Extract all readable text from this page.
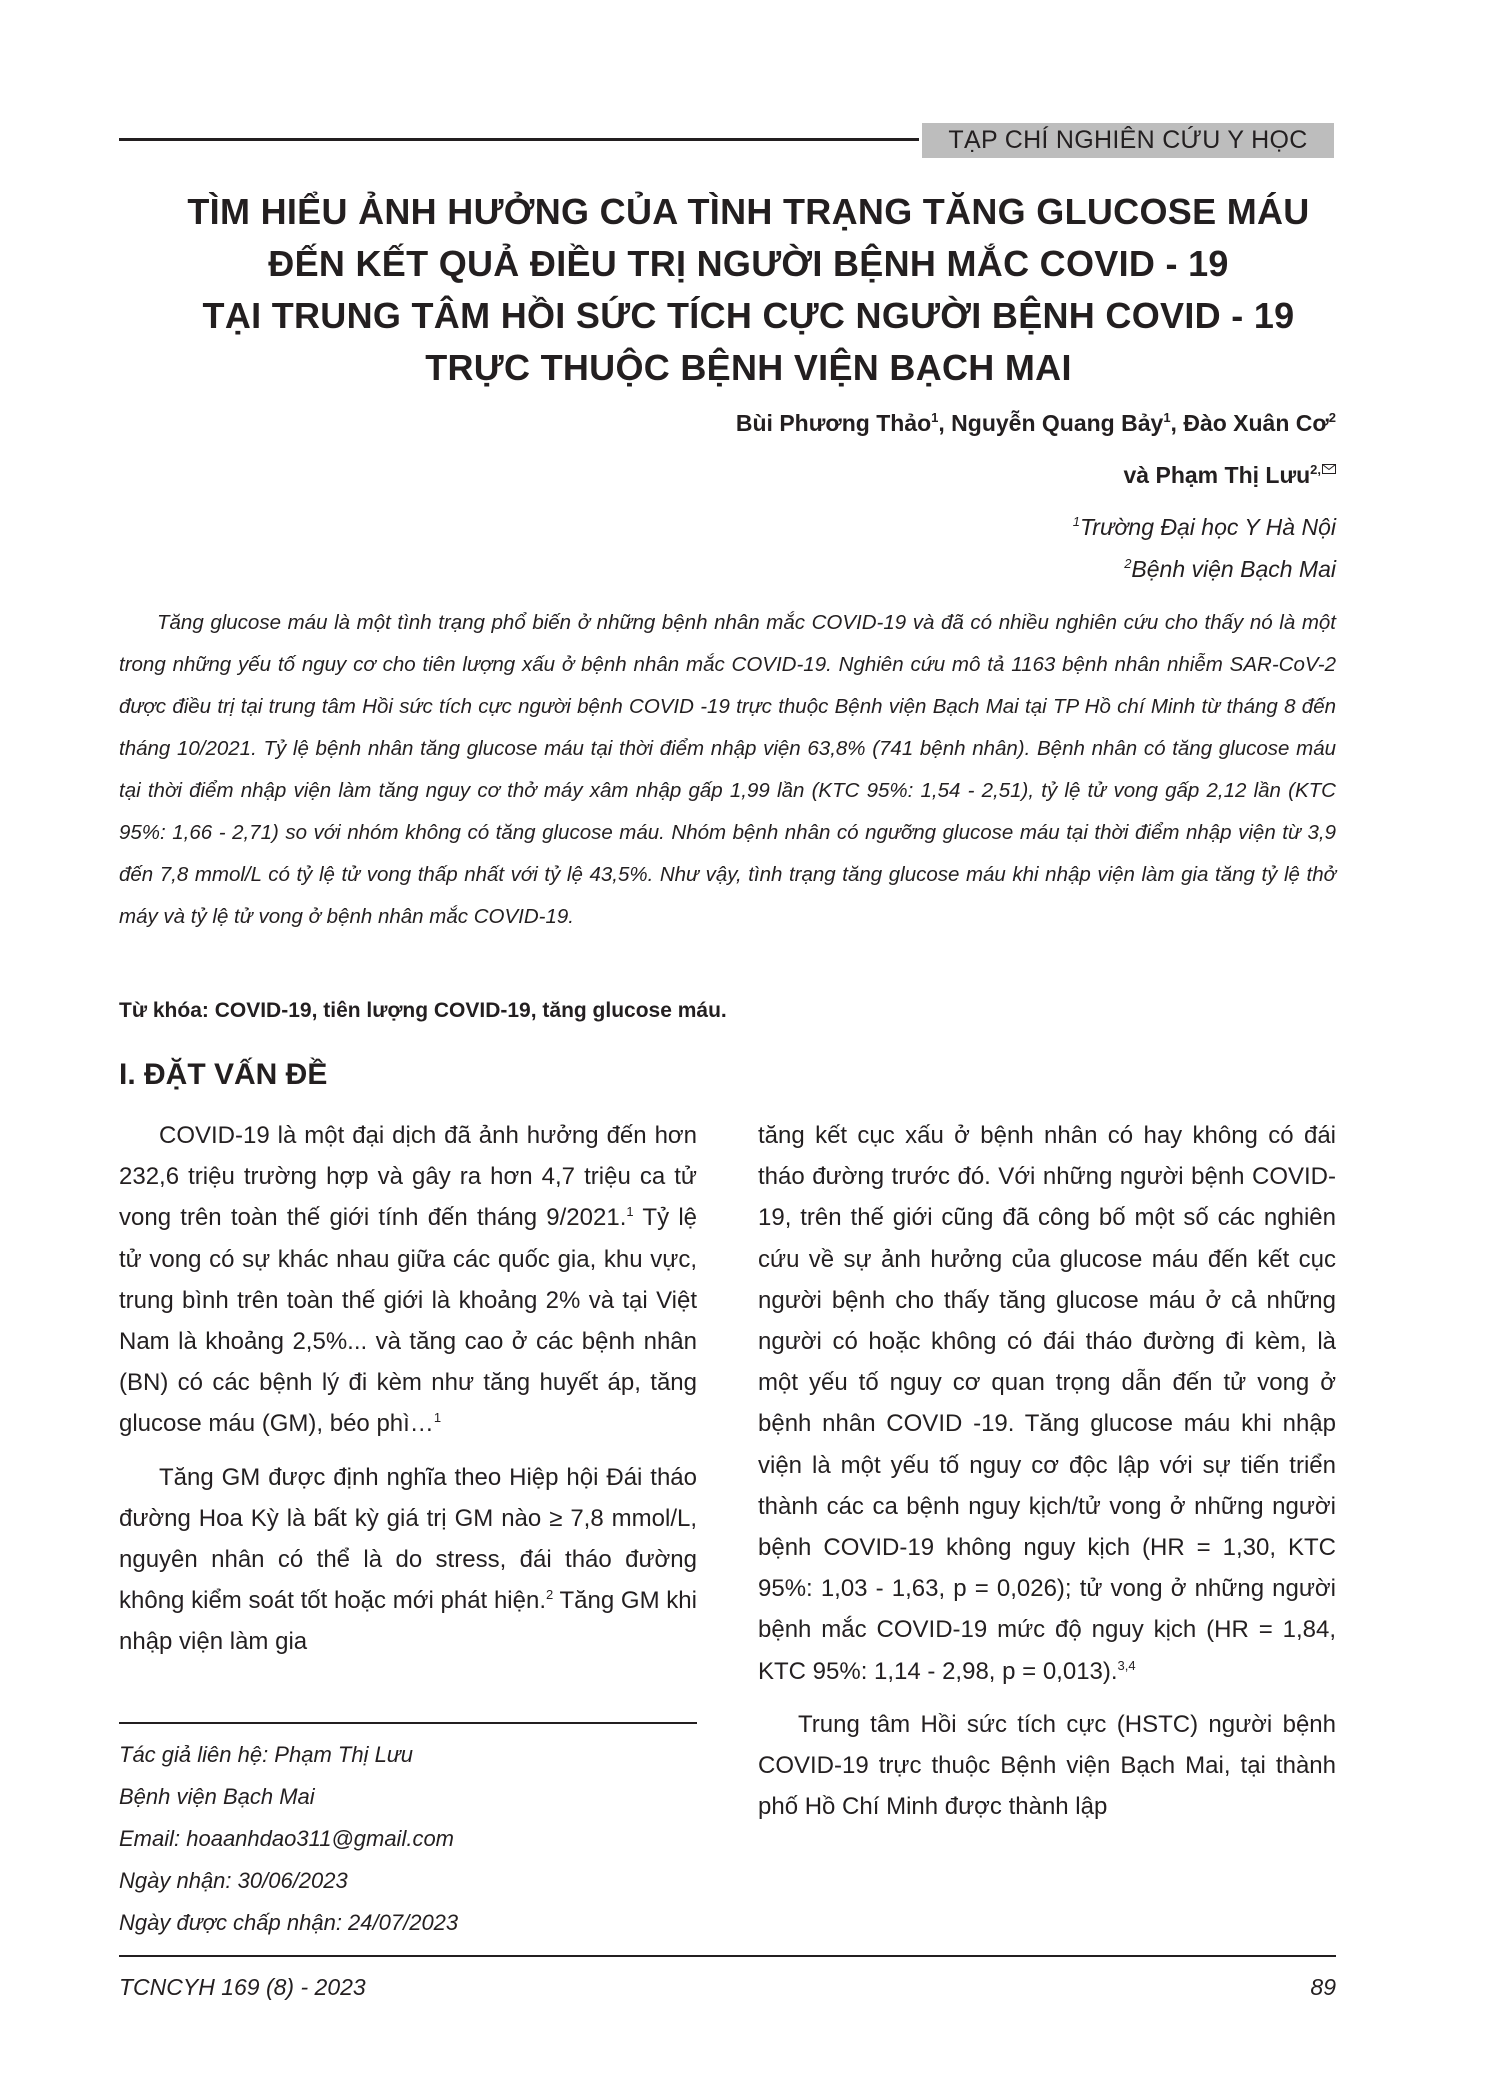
TẠP CHÍ NGHIÊN CỨU Y HỌC
TÌM HIỂU ẢNH HƯỞNG CỦA TÌNH TRẠNG TĂNG GLUCOSE MÁU
ĐẾN KẾT QUẢ ĐIỀU TRỊ NGƯỜI BỆNH MẮC COVID - 19
TẠI TRUNG TÂM HỒI SỨC TÍCH CỰC NGƯỜI BỆNH COVID - 19
TRỰC THUỘC BỆNH VIỆN BẠCH MAI
Bùi Phương Thảo$^1$, Nguyễn Quang Bảy$^1$, Đào Xuân $Cơ^2$
và Phạm Thị Lưu$^{2,}$
$^1$Trường Đại học Y Hà Nội
$^2$Bệnh viện Bạch Mai

Tăng glucose máu là một tình trạng phổ biến ở những bệnh nhân mắc COVID-19 và đã có nhiều nghiên cứu cho thấy nó là một trong những yếu tố nguy cơ cho tiên lượng xấu ở bệnh nhân mắc COVID-19. Nghiên cứu mô tả 1163 bệnh nhân nhiễm SAR-CoV-2 được điều trị tại trung tâm Hồi sức tích cực người bệnh COVID -19 trực thuộc Bệnh viện Bạch Mai tại TP Hồ chí Minh từ tháng 8 đến tháng 10/2021. Tỷ lệ bệnh nhân tăng glucose máu tại thời điểm nhập viện 63,8% (741 bệnh nhân). Bệnh nhân có tăng glucose máu tại thời điểm nhập viện làm tăng nguy cơ thở máy xâm nhập gấp 1,99 lần (KTC 95%: 1,54 - 2,51), tỷ lệ tử vong gấp 2,12 lần (KTC 95%: 1,66 - 2,71) so với nhóm không có tăng glucose máu. Nhóm bệnh nhân có ngưỡng glucose máu tại thời điểm nhập viện từ 3,9 đến 7,8 mmol/L có tỷ lệ tử vong thấp nhất với tỷ lệ 43,5%. Như vậy, tình trạng tăng glucose máu khi nhập viện làm gia tăng tỷ lệ thở máy và tỷ lệ tử vong ở bệnh nhân mắc COVID-19.

Từ khóa: COVID-19, tiên lượng COVID-19, tăng glucose máu.
I. ĐẶT VẤN ĐỀ

COVID-19 là một đại dịch đã ảnh hưởng đến hơn 232,6 triệu trường hợp và gây ra hơn 4,7 triệu ca tử vong trên toàn thế giới tính đến tháng 9/2021.$^1$ Tỷ lệ tử vong có sự khác nhau giữa các quốc gia, khu vực, trung bình trên toàn thế giới là khoảng 2% và tại Việt Nam là khoảng 2,5%... và tăng cao ở các bệnh nhân (BN) có các bệnh lý đi kèm như tăng huyết áp, tăng glucose máu (GM), béo phì…$^1$

Tăng GM được định nghĩa theo Hiệp hội Đái tháo đường Hoa Kỳ là bất kỳ giá trị GM nào ≥ 7,8 mmol/L, nguyên nhân có thể là do stress, đái tháo đường không kiểm soát tốt hoặc mới phát hiện.$^2$ Tăng GM khi nhập viện làm gia

Tác giả liên hệ: Phạm Thị Lưu
Bệnh viện Bạch Mai
Email: hoaanhdao311@gmail.com
Ngày nhận: 30/06/2023
Ngày được chấp nhận: 24/07/2023

tăng kết cục xấu ở bệnh nhân có hay không có đái tháo đường trước đó. Với những người bệnh COVID-19, trên thế giới cũng đã công bố một số các nghiên cứu về sự ảnh hưởng của glucose máu đến kết cục người bệnh cho thấy tăng glucose máu ở cả những người có hoặc không có đái tháo đường đi kèm, là một yếu tố nguy cơ quan trọng dẫn đến tử vong ở bệnh nhân COVID -19. Tăng glucose máu khi nhập viện là một yếu tố nguy cơ độc lập với sự tiến triển thành các ca bệnh nguy kịch/tử vong ở những người bệnh COVID-19 không nguy kịch (HR = 1,30, KTC 95%: 1,03 - 1,63, p = 0,026); tử vong ở những người bệnh mắc COVID-19 mức độ nguy kịch (HR = 1,84, KTC 95%: 1,14 - 2,98, p = 0,013).$^{3,4}$

Trung tâm Hồi sức tích cực (HSTC) người bệnh COVID-19 trực thuộc Bệnh viện Bạch Mai, tại thành phố Hồ Chí Minh được thành lập

TCNCYH 169 (8) - 2023	89
